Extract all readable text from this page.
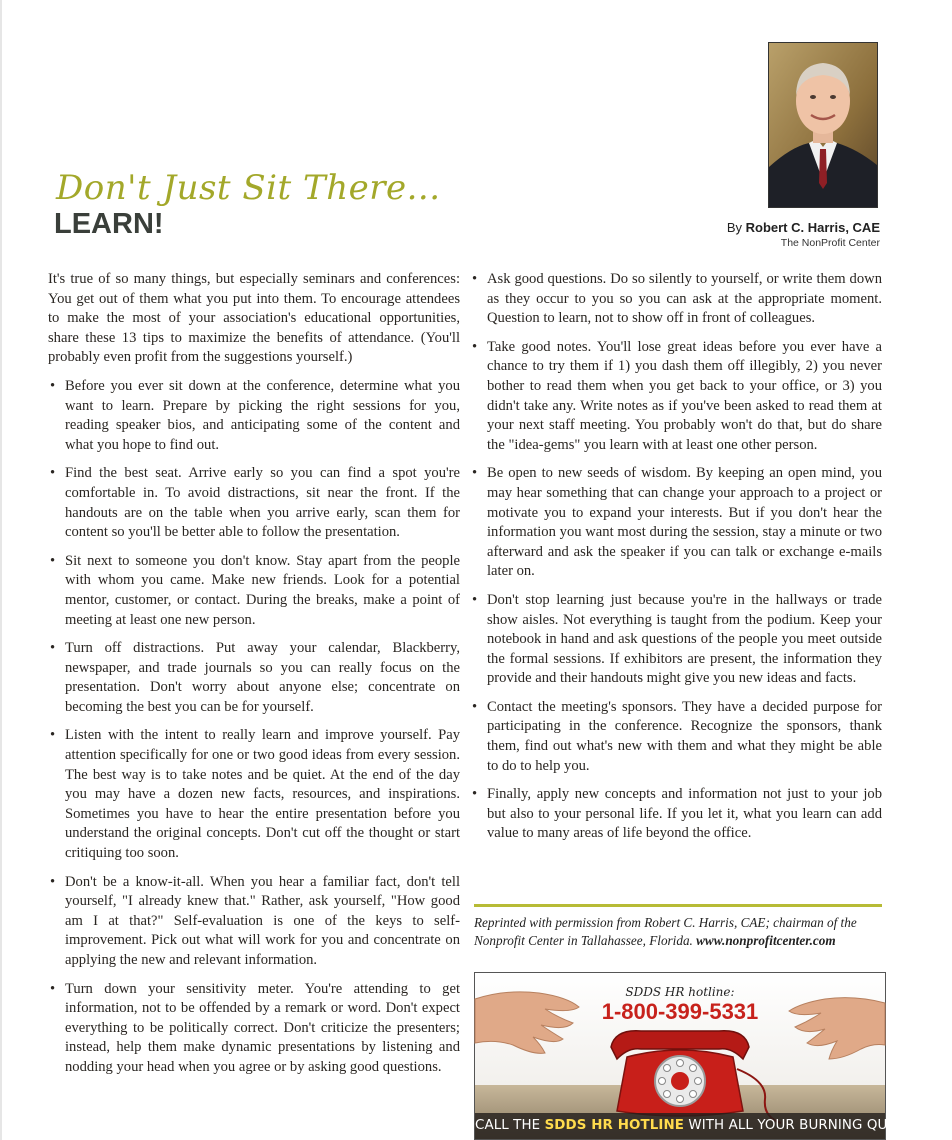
Don't Just Sit There...
LEARN!	By Robert C. Harris, CAE
The NonProfit Center

It's true of so many things, but especially seminars and conferences: You get out of them what you put into them. To encourage attendees to make the most of your association's educational opportunities, share these 13 tips to maximize the benefits of attendance. (You'll probably even profit from the suggestions yourself.)

• Before you ever sit down at the conference, determine what you want to learn. Prepare by picking the right sessions for you, reading speaker bios, and anticipating some of the content and what you hope to find out.
• Find the best seat. Arrive early so you can find a spot you're comfortable in. To avoid distractions, sit near the front. If the handouts are on the table when you arrive early, scan them for content so you'll be better able to follow the presentation.
• Sit next to someone you don't know. Stay apart from the people with whom you came. Make new friends. Look for a potential mentor, customer, or contact. During the breaks, make a point of meeting at least one new person.
• Turn off distractions. Put away your calendar, Blackberry, newspaper, and trade journals so you can really focus on the presentation. Don't worry about anyone else; concentrate on becoming the best you can be for yourself.
• Listen with the intent to really learn and improve yourself. Pay attention specifically for one or two good ideas from every session. The best way is to take notes and be quiet. At the end of the day you may have a dozen new facts, resources, and inspirations. Sometimes you have to hear the entire presentation before you understand the original concepts. Don't cut off the thought or start critiquing too soon.
• Don't be a know-it-all. When you hear a familiar fact, don't tell yourself, "I already knew that." Rather, ask yourself, "How good am I at that?" Self-evaluation is one of the keys to self-improvement. Pick out what will work for you and concentrate on applying the new and relevant information.
• Turn down your sensitivity meter. You're attending to get information, not to be offended by a remark or word. Don't expect everything to be politically correct. Don't criticize the presenters; instead, help them make dynamic presentations by listening and nodding your head when you agree or by asking good questions.
• Ask good questions. Do so silently to yourself, or write them down as they occur to you so you can ask at the appropriate moment. Question to learn, not to show off in front of colleagues.
• Take good notes. You'll lose great ideas before you ever have a chance to try them if 1) you dash them off illegibly, 2) you never bother to read them when you get back to your office, or 3) you didn't take any. Write notes as if you've been asked to read them at your next staff meeting. You probably won't do that, but do share the "idea-gems" you learn with at least one other person.
• Be open to new seeds of wisdom. By keeping an open mind, you may hear something that can change your approach to a project or motivate you to expand your interests. But if you don't hear the information you want most during the session, stay a minute or two afterward and ask the speaker if you can talk or exchange e-mails later on.
• Don't stop learning just because you're in the hallways or trade show aisles. Not everything is taught from the podium. Keep your notebook in hand and ask questions of the people you meet outside the formal sessions. If exhibitors are present, the information they provide and their handouts might give you new ideas and facts.
• Contact the meeting's sponsors. They have a decided purpose for participating in the conference. Recognize the sponsors, thank them, find out what's new with them and what they might be able to do to help you.
• Finally, apply new concepts and information not just to your job but also to your personal life. If you let it, what you learn can add value to many areas of life beyond the office.
Reprinted with permission from Robert C. Harris, CAE; chairman of the Nonprofit Center in Tallahassee, Florida. www.nonprofitcenter.com
SDDS HR hotline:
1-800-399-5331
CALL THE SDDS HR HOTLINE WITH ALL YOUR BURNING QUESTIONS!
